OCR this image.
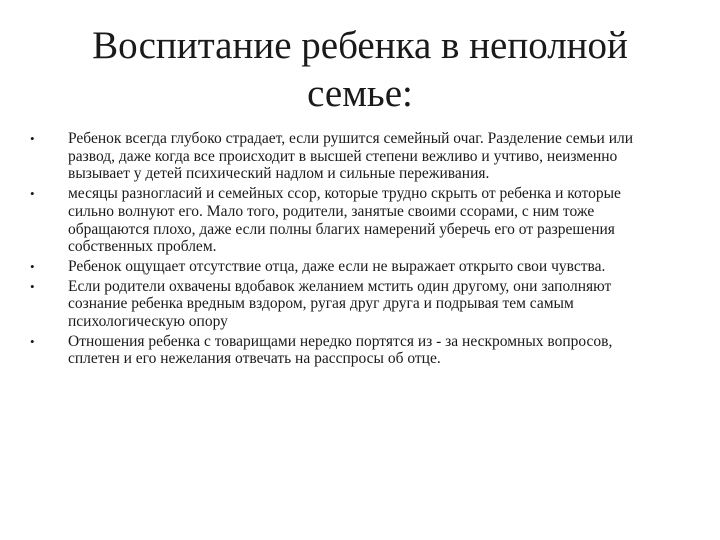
Воспитание ребенка в неполной
семье:
• Ребенок всегда глубоко страдает, если рушится семейный очаг. Разделение семьи или развод, даже когда все происходит в высшей степени вежливо и учтиво, неизменно вызывает у детей психический надлом и сильные переживания.
• месяцы разногласий и семейных ссор, которые трудно скрыть от ребенка и которые сильно волнуют его. Мало того, родители, занятые своими ссорами, с ним тоже обращаются плохо, даже если полны благих намерений уберечь его от разрешения собственных проблем.
• Ребенок ощущает отсутствие отца, даже если не выражает открыто свои чувства.
• Если родители охвачены вдобавок желанием мстить один другому, они заполняют сознание ребенка вредным вздором, ругая друг друга и подрывая тем самым психологическую опору
• Отношения ребенка с товарищами нередко портятся из - за нескромных вопросов, сплетен и его нежелания отвечать на расспросы об отце.
